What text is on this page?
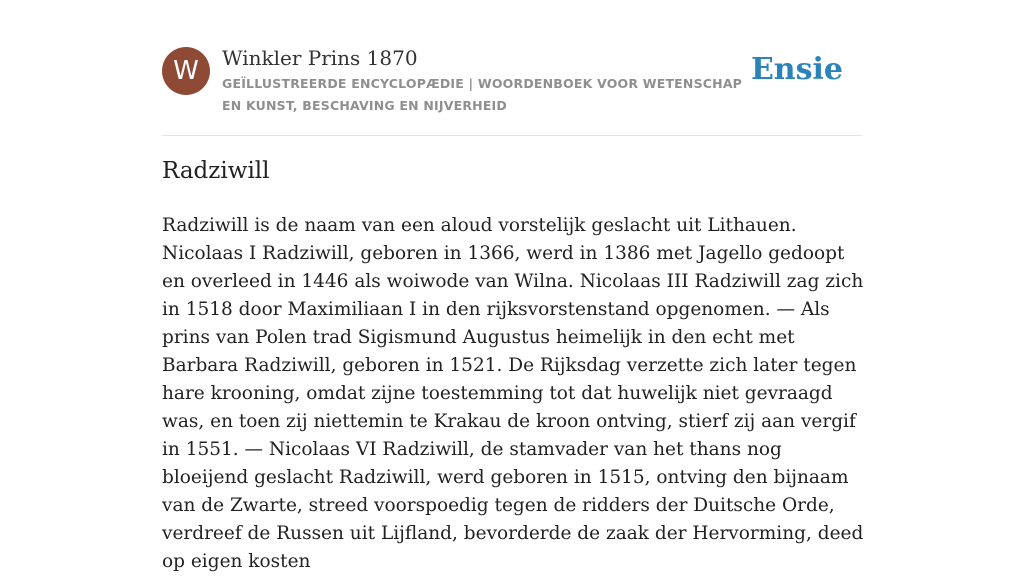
W	Winkler Prins 1870
GEÏLLUSTREERDE ENCYCLOPÆDIE | WOORDENBOEK VOOR WETENSCHAP EN KUNST, BESCHAVING EN NIJVERHEID
Ensie
Radziwill

Radziwill is de naam van een aloud vorstelijk geslacht uit Lithauen. Nicolaas I Radziwill, geboren in 1366, werd in 1386 met Jagello gedoopt en overleed in 1446 als woiwode van Wilna. Nicolaas III Radziwill zag zich in 1518 door Maximiliaan I in den rijksvorstenstand opgenomen. — Als prins van Polen trad Sigismund Augustus heimelijk in den echt met Barbara Radziwill, geboren in 1521. De Rijksdag verzette zich later tegen hare krooning, omdat zijne toestemming tot dat huwelijk niet gevraagd was, en toen zij niettemin te Krakau de kroon ontving, stierf zij aan vergif in 1551. — Nicolaas VI Radziwill, de stamvader van het thans nog bloeijend geslacht Radziwill, werd geboren in 1515, ontving den bijnaam van de Zwarte, streed voorspoedig tegen de ridders der Duitsche Orde, verdreef de Russen uit Lijfland, bevorderde de zaak der Hervorming, deed op eigen kosten
